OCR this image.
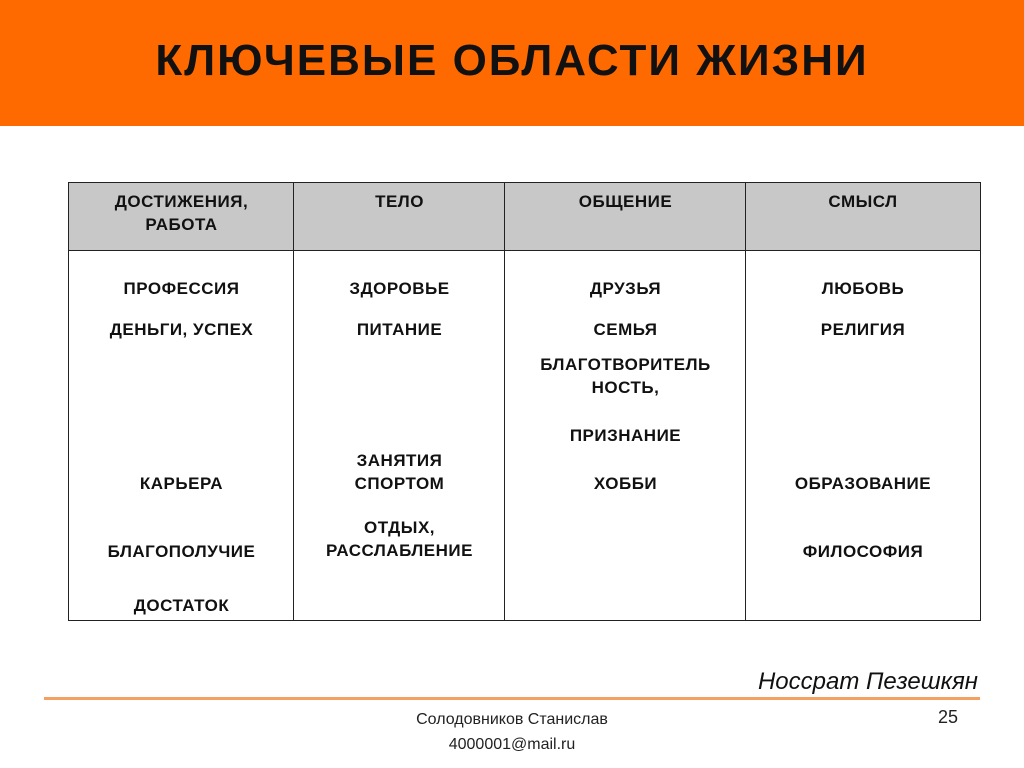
КЛЮЧЕВЫЕ ОБЛАСТИ ЖИЗНИ
ДОСТИЖЕНИЯ,
РАБОТА
ТЕЛО	ОБЩЕНИЕ	СМЫСЛ
ПРОФЕССИЯ
ДЕНЬГИ, УСПЕХ
КАРЬЕРА
БЛАГОПОЛУЧИЕ
ДОСТАТОК
ЗДОРОВЬЕ
ПИТАНИЕ
ЗАНЯТИЯ
СПОРТОМ
ОТДЫХ,
РАССЛАБЛЕНИЕ
ДРУЗЬЯ
СЕМЬЯ
БЛАГОТВОРИТЕЛЬ
НОСТЬ,
ПРИЗНАНИЕ
ХОББИ
ЛЮБОВЬ
РЕЛИГИЯ
ОБРАЗОВАНИЕ
ФИЛОСОФИЯ
Носсрат Пезешкян
Солодовников Станислав
4000001@mail.ru
25
